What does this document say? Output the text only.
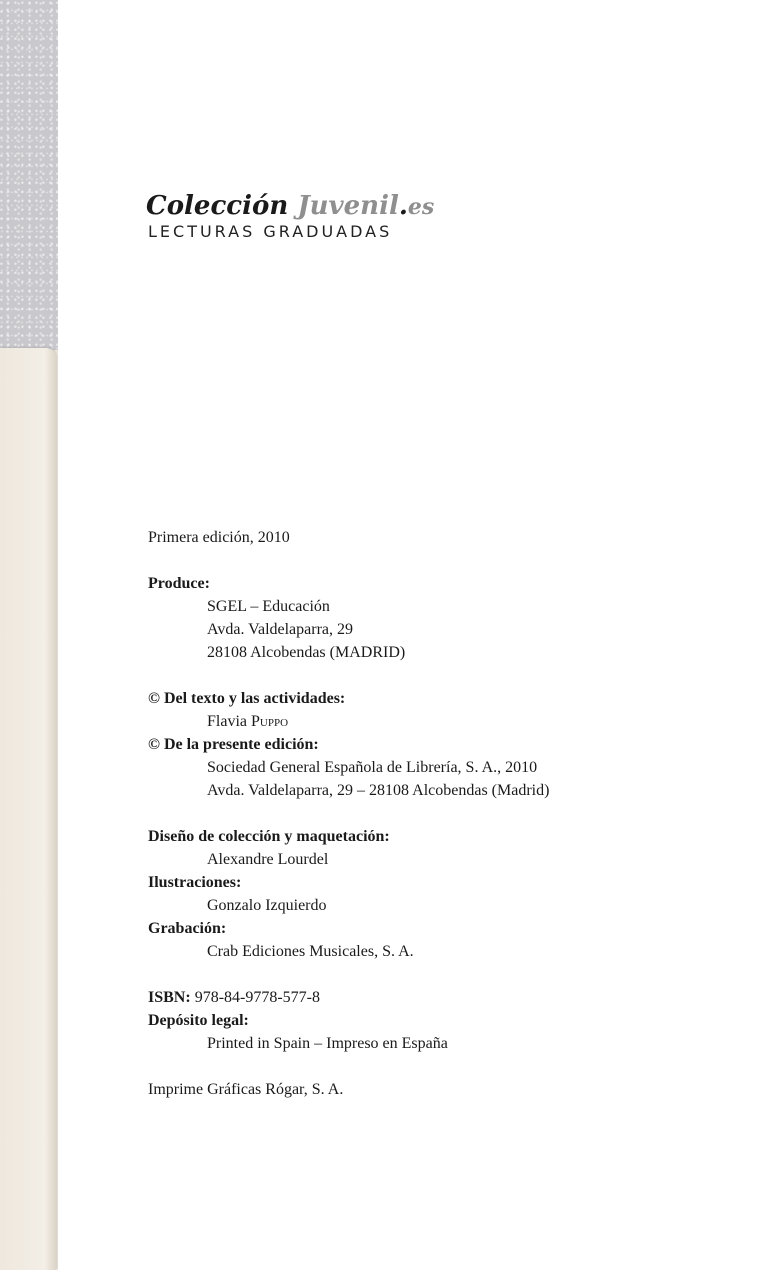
Colección Juvenil.es
LECTURAS GRADUADAS
Primera edición, 2010
Produce:
SGEL – Educación
Avda. Valdelaparra, 29
28108 Alcobendas (MADRID)
© Del texto y las actividades:
Flavia Puppo
© De la presente edición:
Sociedad General Española de Librería, S. A., 2010
Avda. Valdelaparra, 29 – 28108 Alcobendas (Madrid)
Diseño de colección y maquetación:
Alexandre Lourdel
Ilustraciones:
Gonzalo Izquierdo
Grabación:
Crab Ediciones Musicales, S. A.
ISBN: 978-84-9778-577-8
Depósito legal:
Printed in Spain – Impreso en España
Imprime Gráficas Rógar, S. A.
